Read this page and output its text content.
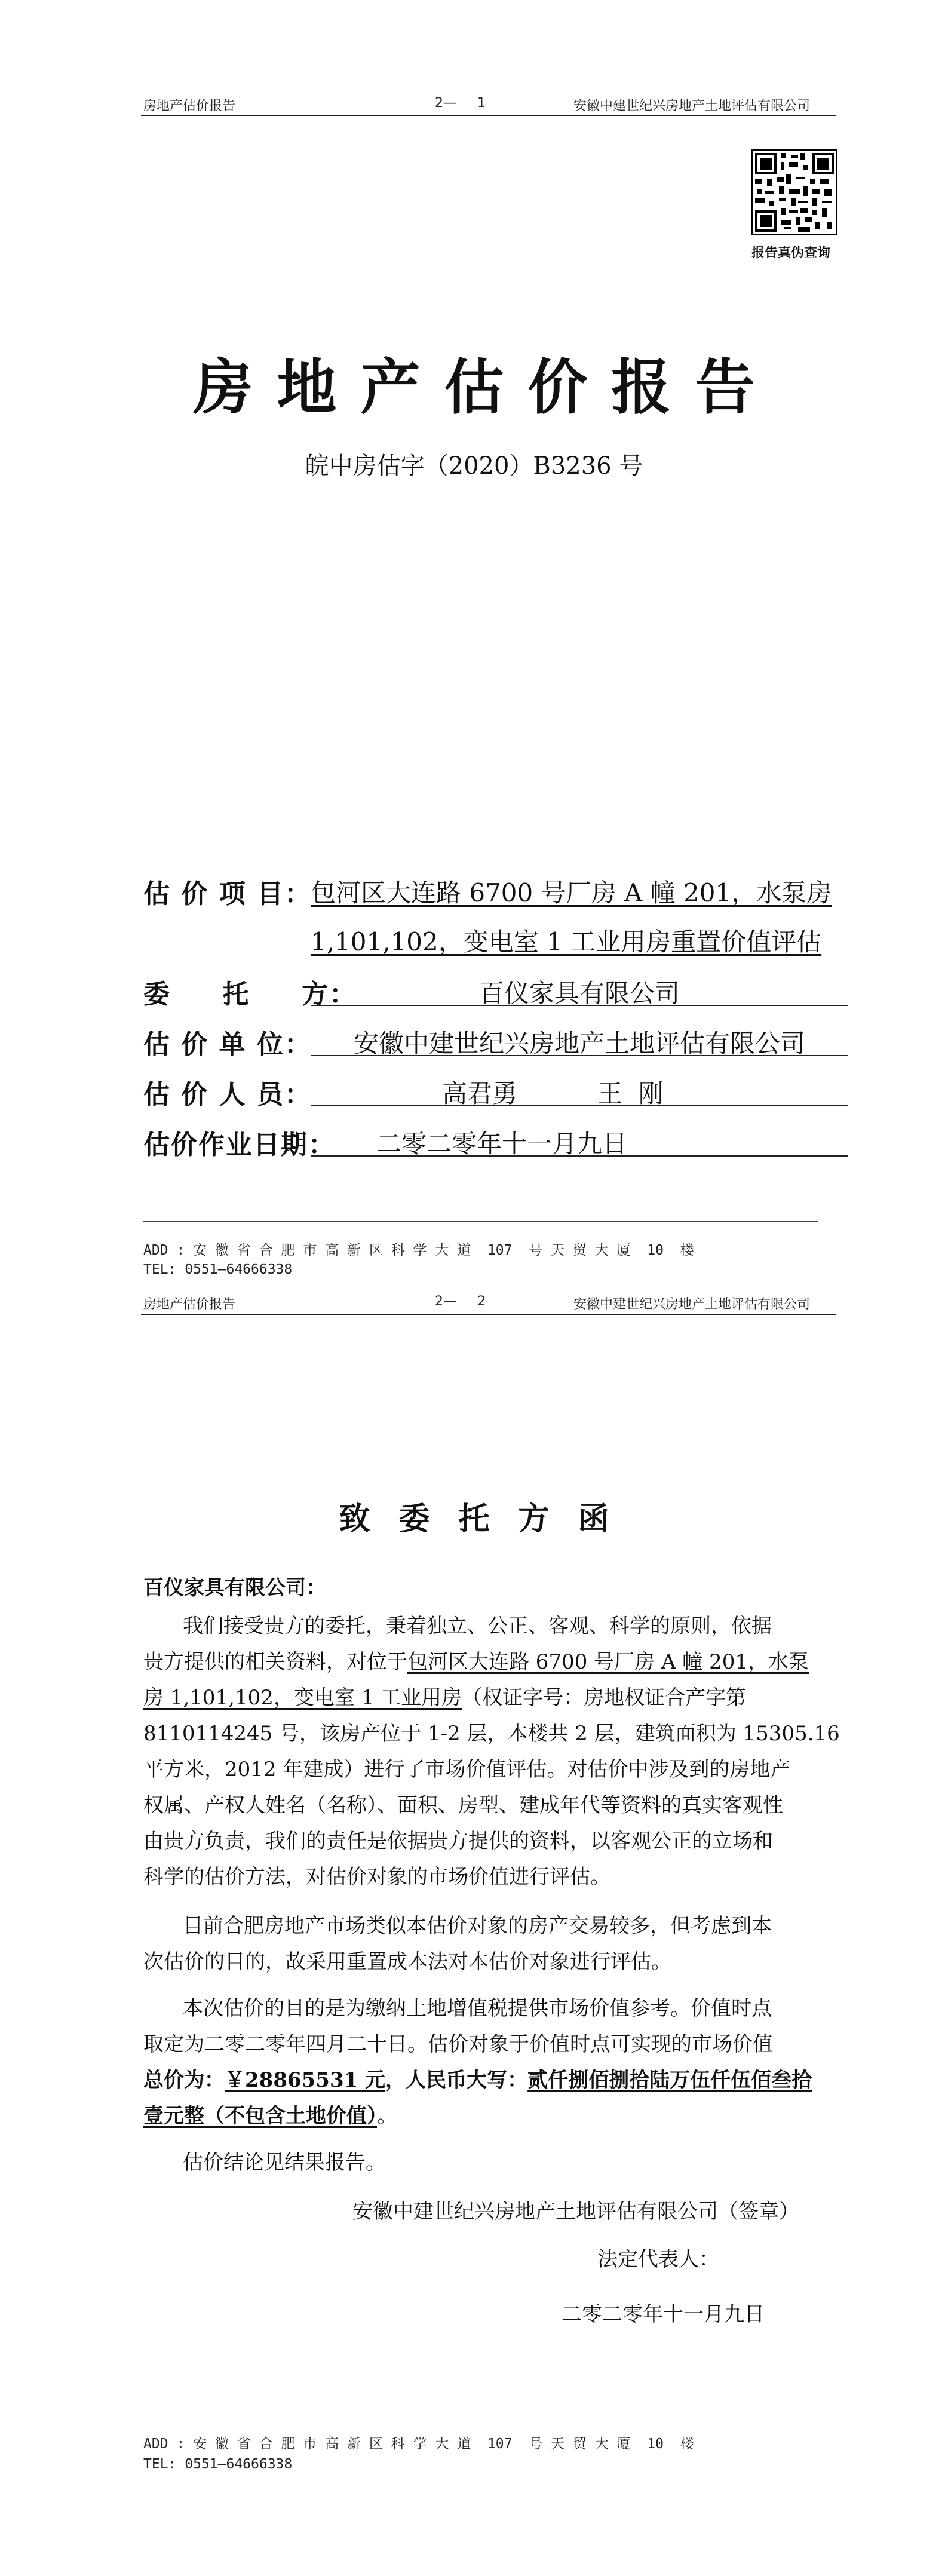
房地产估价报告	2—     1	安徽中建世纪兴房地产土地评估有限公司
报告真伪查询
房地产估价报告
皖中房估字（2020）B3236 号
估 价 项 目：
包河区大连路 6700 号厂房 A 幢 201，水泵房
1,101,102，变电室 1 工业用房重置价值评估
委     托     方：	百仪家具有限公司
估 价 单 位：	安徽中建世纪兴房地产土地评估有限公司
估 价 人 员：	高君勇	王  刚
估价作业日期：	二零二零年十一月九日
ADD : 安 徽 省 合 肥 市 高 新 区 科 学 大 道  107  号 天 贸 大 厦  10  楼
TEL: 0551—64666338
房地产估价报告	2—     2	安徽中建世纪兴房地产土地评估有限公司
致委托方函
百仪家具有限公司：
我们接受贵方的委托，秉着独立、公正、客观、科学的原则，依据
贵方提供的相关资料，对位于包河区大连路 6700 号厂房 A 幢 201，水泵
房 1,101,102，变电室 1 工业用房（权证字号：房地权证合产字第
8110114245 号，该房产位于 1-2 层，本楼共 2 层，建筑面积为 15305.16
平方米，2012 年建成）进行了市场价值评估。对估价中涉及到的房地产
权属、产权人姓名（名称）、面积、房型、建成年代等资料的真实客观性
由贵方负责，我们的责任是依据贵方提供的资料，以客观公正的立场和
科学的估价方法，对估价对象的市场价值进行评估。
目前合肥房地产市场类似本估价对象的房产交易较多，但考虑到本
次估价的目的，故采用重置成本法对本估价对象进行评估。
本次估价的目的是为缴纳土地增值税提供市场价值参考。价值时点
取定为二零二零年四月二十日。估价对象于价值时点可实现的市场价值
总价为：￥28865531 元，人民币大写：贰仟捌佰捌拾陆万伍仟伍佰叁拾
壹元整（不包含土地价值）。
估价结论见结果报告。
安徽中建世纪兴房地产土地评估有限公司（签章）
法定代表人：
二零二零年十一月九日
ADD : 安 徽 省 合 肥 市 高 新 区 科 学 大 道  107  号 天 贸 大 厦  10  楼
TEL: 0551—64666338
